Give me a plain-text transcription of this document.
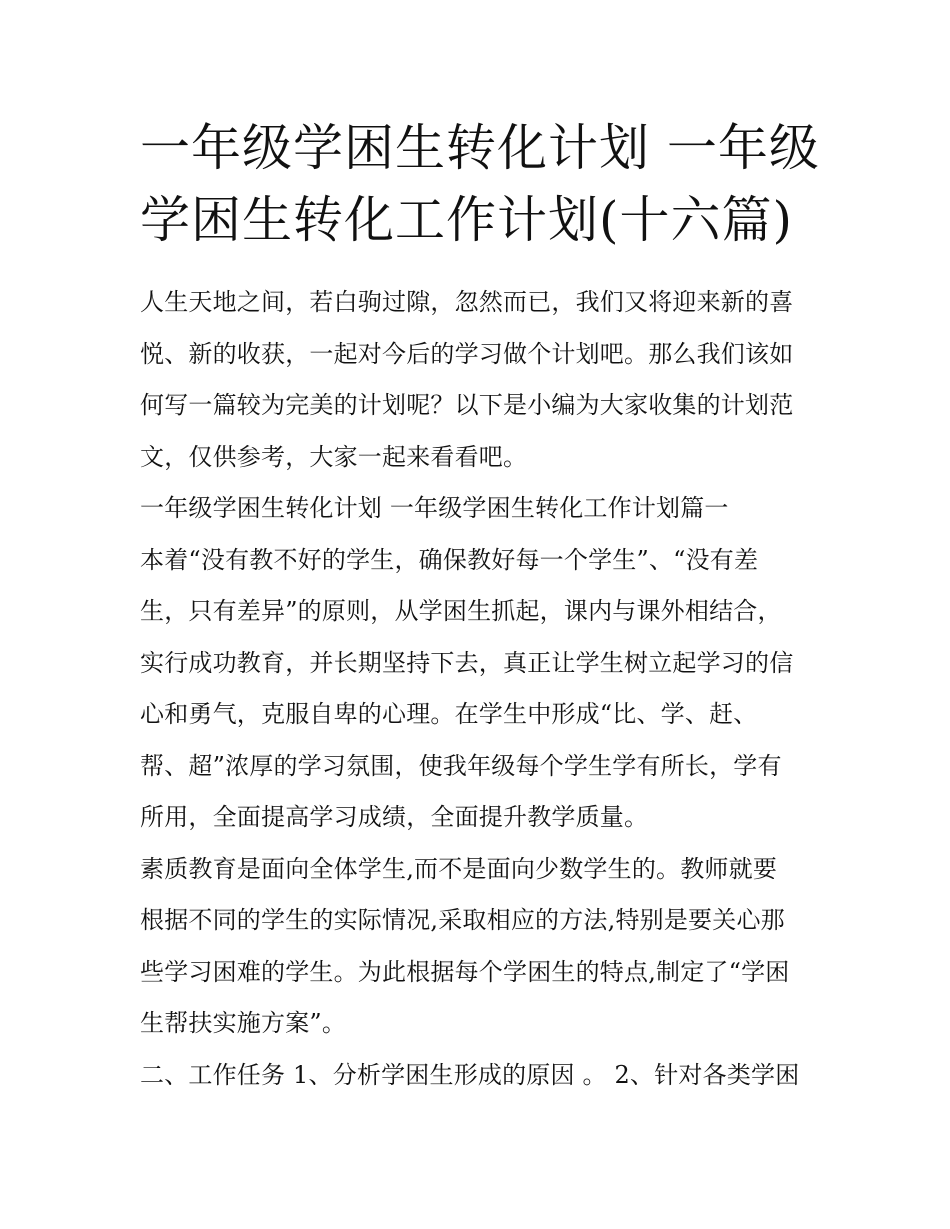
一年级学困生转化计划 一年级
学困生转化工作计划(十六篇)
人生天地之间，若白驹过隙，忽然而已，我们又将迎来新的喜
悦、新的收获，一起对今后的学习做个计划吧。那么我们该如
何写一篇较为完美的计划呢？以下是小编为大家收集的计划范
文，仅供参考，大家一起来看看吧。
一年级学困生转化计划 一年级学困生转化工作计划篇一
本着“没有教不好的学生，确保教好每一个学生”、“没有差
生，只有差异”的原则，从学困生抓起，课内与课外相结合，
实行成功教育，并长期坚持下去，真正让学生树立起学习的信
心和勇气，克服自卑的心理。在学生中形成“比、学、赶、
帮、超”浓厚的学习氛围，使我年级每个学生学有所长，学有
所用，全面提高学习成绩，全面提升教学质量。
素质教育是面向全体学生,而不是面向少数学生的。教师就要
根据不同的学生的实际情况,采取相应的方法,特别是要关心那
些学习困难的学生。为此根据每个学困生的特点,制定了“学困
生帮扶实施方案”。
二、工作任务 1、分析学困生形成的原因 。 2、针对各类学困
